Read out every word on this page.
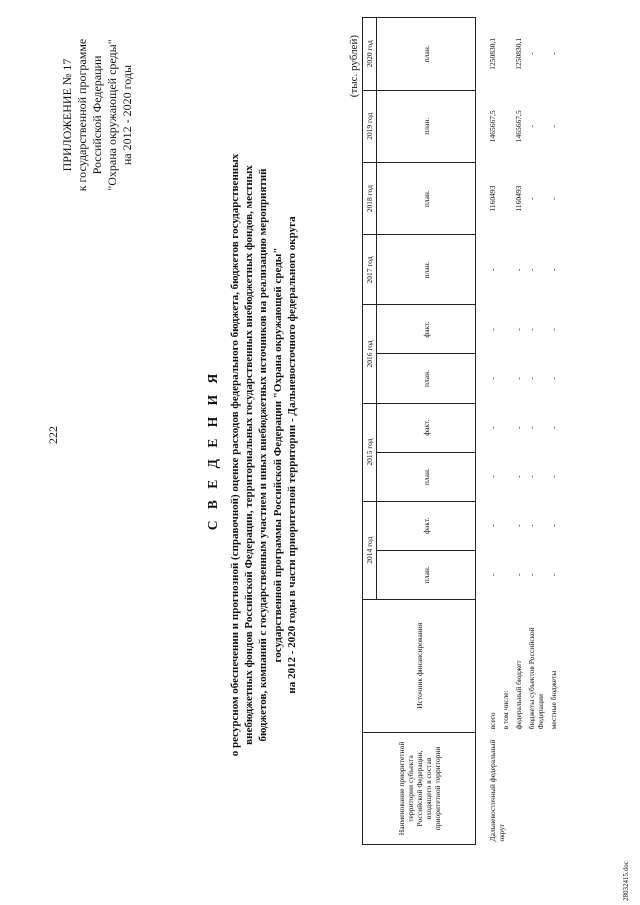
222
ПРИЛОЖЕНИЕ № 17 к государственной программе Российской Федерации "Охрана окружающей среды" на 2012 - 2020 годы
С В Е Д Е Н И Я о ресурсном обеспечении и прогнозной (справочной) оценке расходов федерального бюджета, бюджетов государственных внебюджетных фондов Российской Федерации, территориальных государственных внебюджетных фондов, местных бюджетов, компаний с государственным участием и иных внебюджетных источников на реализацию мероприятий государственной программы Российской Федерации "Охрана окружающей среды" на 2012 - 2020 годы в части приоритетной территории - Дальневосточного федерального округа
(тыс. рублей)
Наименование приоритетной территории субъекта Российской Федерации, входящего в состав приоритетной территории	Источник финансирования	2014 год		2015 год		2016 год		2017 год	2018 год	2019 год	2020 год
		план.	факт.	план.	факт.	план.	факт.	план.	план.	план.	план.

Дальневосточный федеральный округ	всего	-	-	-	-	-	-	-	1160493	1465667,5	1250830,1
	в том числе:										
	федеральный бюджет	-	-	-	-	-	-	-	1160493	1465667,5	1250830,1
	бюджеты субъектов Российской Федерации	-	-	-	-	-	-	-	-	-	-
	местные бюджеты	-	-	-	-	-	-	-	-	-	-
28032415.doc
